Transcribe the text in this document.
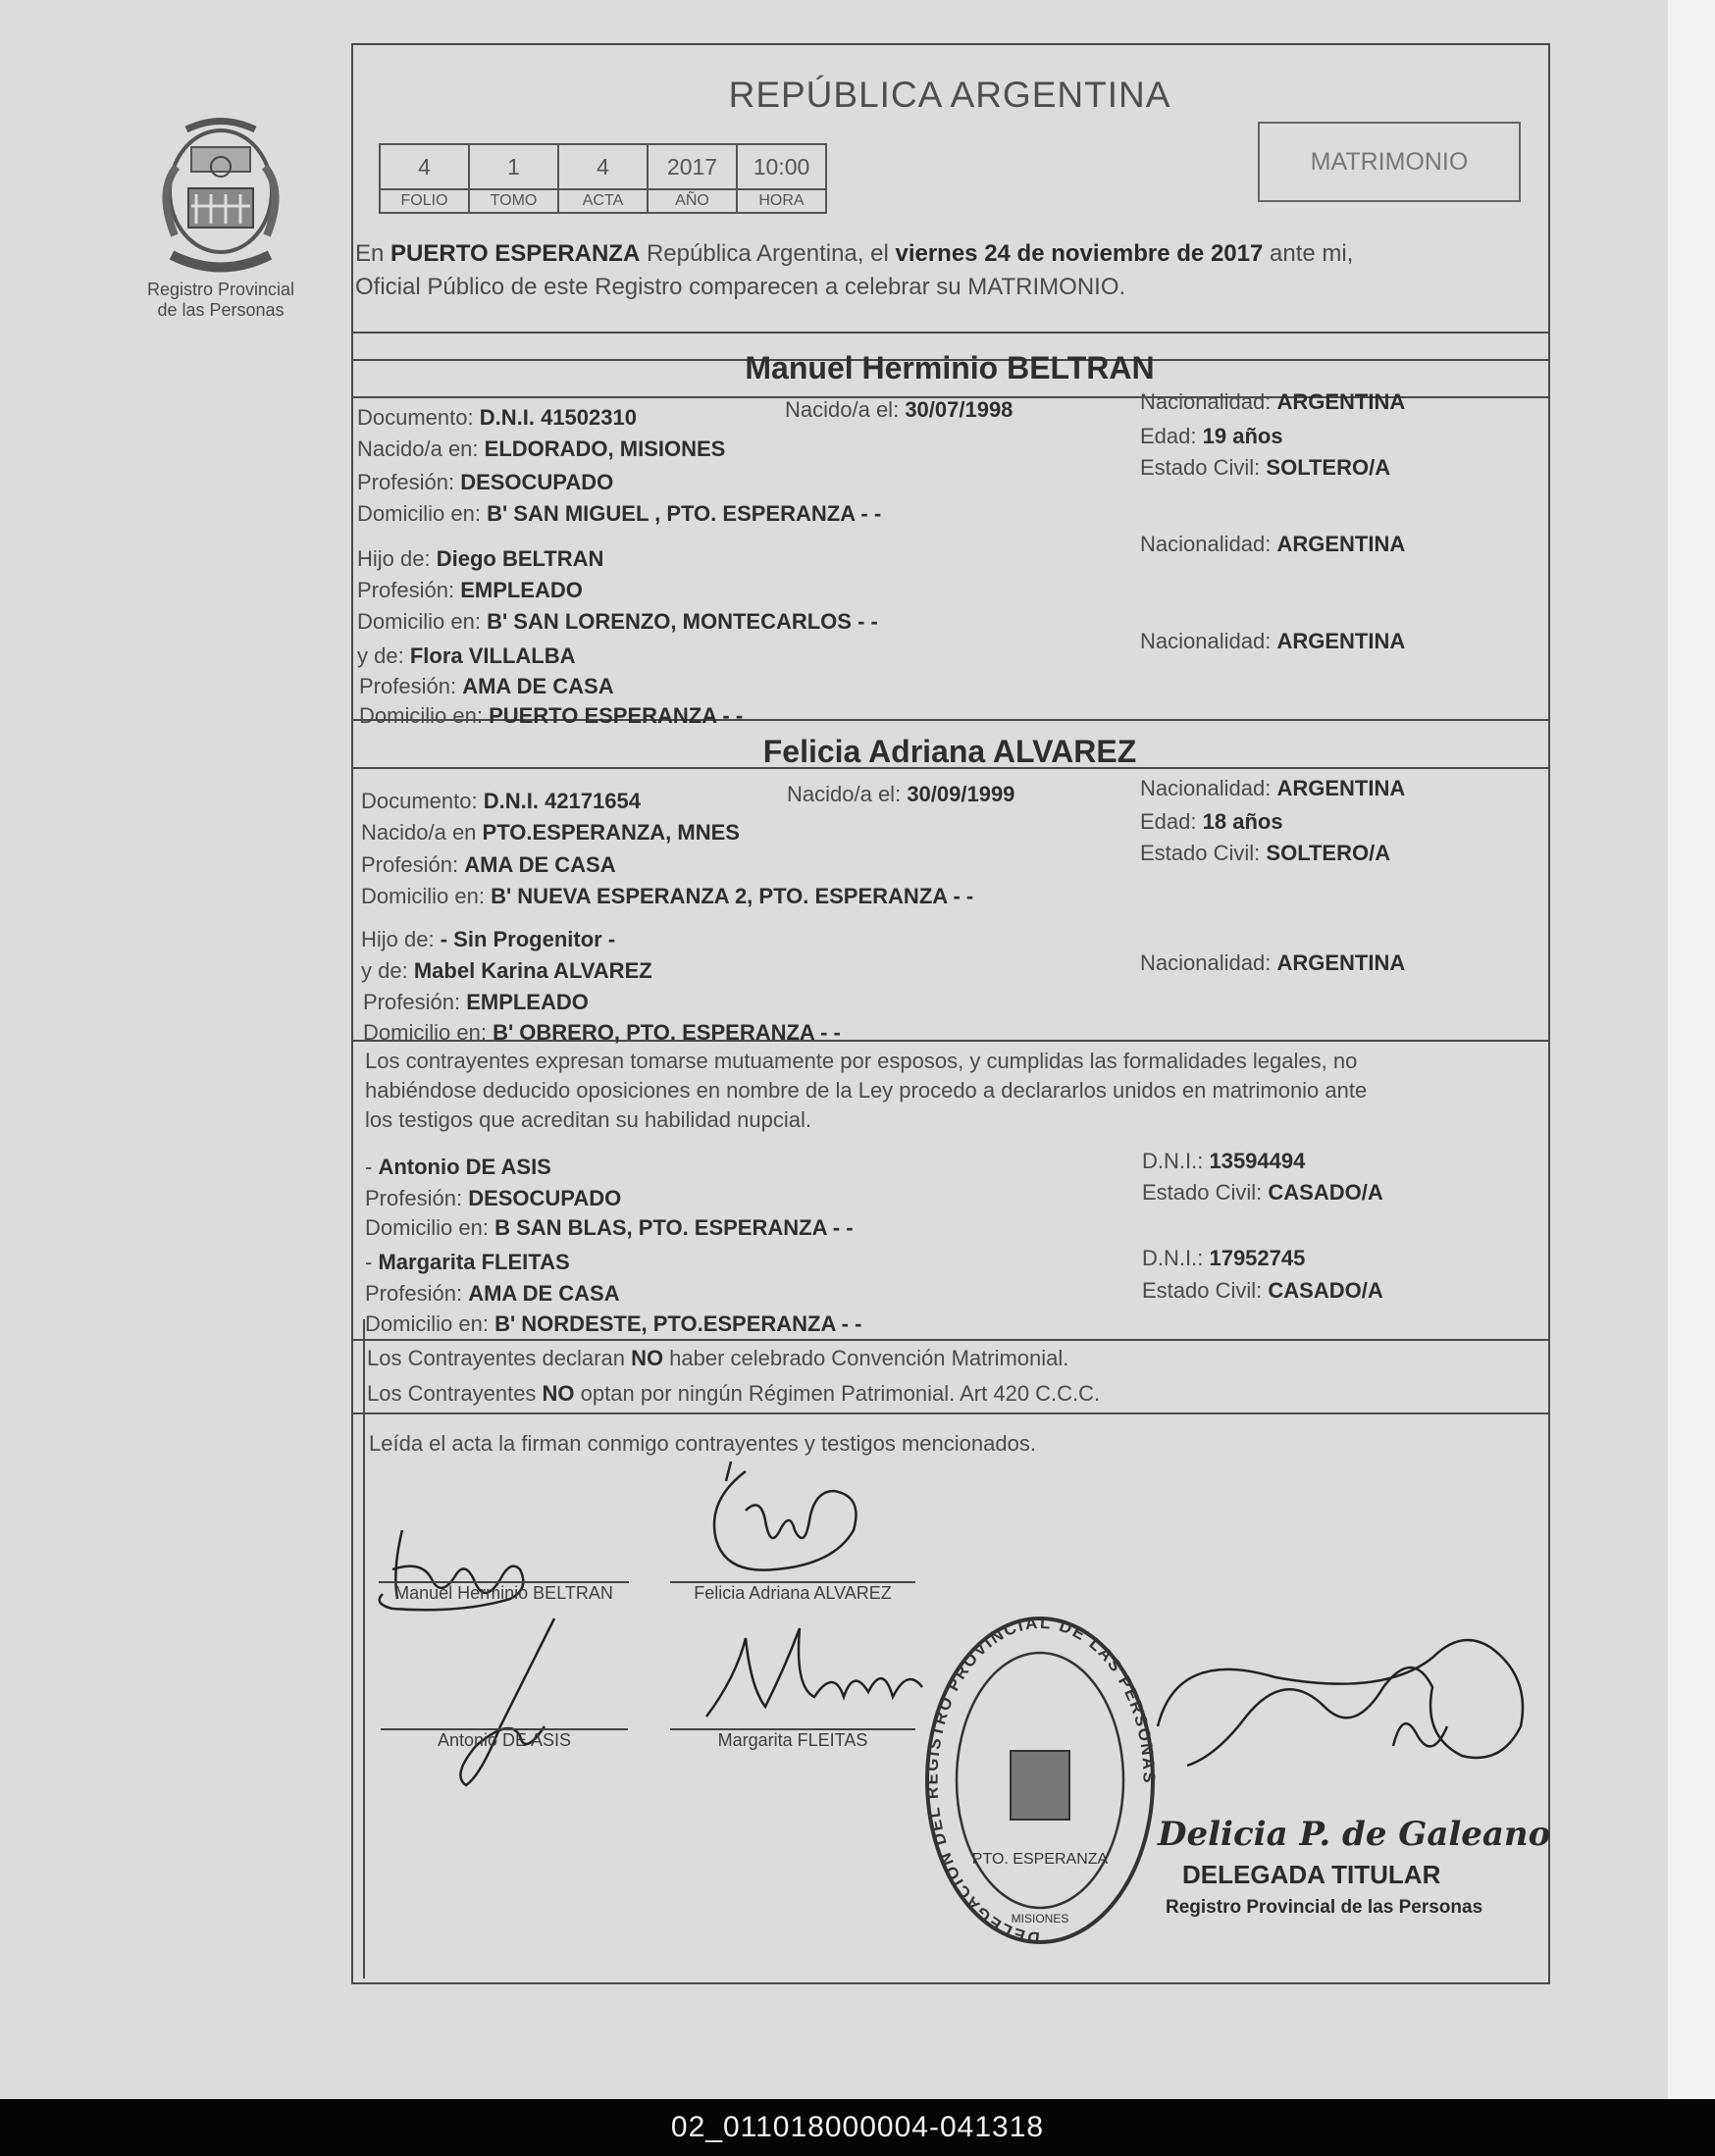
Registro Provincial
de las Personas
REPÚBLICA ARGENTINA
4	1	4	2017	10:00
FOLIO	TOMO	ACTA	AÑO	HORA
MATRIMONIO
En PUERTO ESPERANZA República Argentina, el viernes 24 de noviembre de 2017 ante mi,
Oficial Público de este Registro comparecen a celebrar su MATRIMONIO.
Manuel Herminio BELTRAN
Documento: D.N.I. 41502310	Nacido/a el: 30/07/1998	Nacionalidad: ARGENTINA
Nacido/a en: ELDORADO, MISIONES
Edad: 19 años
Profesión: DESOCUPADO
Estado Civil: SOLTERO/A
Domicilio en: B' SAN MIGUEL , PTO. ESPERANZA - -
Hijo de: Diego BELTRAN
Nacionalidad: ARGENTINA
Profesión: EMPLEADO
Domicilio en: B' SAN LORENZO, MONTECARLOS - -
y de: Flora VILLALBA
Nacionalidad: ARGENTINA
Profesión: AMA DE CASA
Domicilio en: PUERTO ESPERANZA - -
Felicia Adriana ALVAREZ
Documento: D.N.I. 42171654	Nacido/a el: 30/09/1999	Nacionalidad: ARGENTINA
Nacido/a en PTO.ESPERANZA, MNES	Edad: 18 años
Profesión: AMA DE CASA	Estado Civil: SOLTERO/A
Domicilio en: B' NUEVA ESPERANZA 2, PTO. ESPERANZA - -
Hijo de: - Sin Progenitor -
y de: Mabel Karina ALVAREZ	Nacionalidad: ARGENTINA
Profesión: EMPLEADO
Domicilio en: B' OBRERO, PTO. ESPERANZA - -
Los contrayentes expresan tomarse mutuamente por esposos, y cumplidas las formalidades legales, no
habiéndose deducido oposiciones en nombre de la Ley procedo a declararlos unidos en matrimonio ante
los testigos que acreditan su habilidad nupcial.
- Antonio DE ASIS	D.N.I.: 13594494
Profesión: DESOCUPADO	Estado Civil: CASADO/A
Domicilio en: B SAN BLAS, PTO. ESPERANZA - -
- Margarita FLEITAS	D.N.I.: 17952745
Profesión: AMA DE CASA	Estado Civil: CASADO/A
Domicilio en: B' NORDESTE, PTO.ESPERANZA - -
Los Contrayentes declaran NO haber celebrado Convención Matrimonial.
Los Contrayentes NO optan por ningún Régimen Patrimonial. Art 420 C.C.C.
Leída el acta la firman conmigo contrayentes y testigos mencionados.
Manuel Herminio BELTRAN	Felicia Adriana ALVAREZ
Antonio DE ASIS	Margarita FLEITAS
DELEGACION DEL REGISTRO PROVINCIAL DE LAS PERSONAS
PTO. ESPERANZA
MISIONES
Delicia P. de Galeano
DELEGADA TITULAR
Registro Provincial de las Personas
02_011018000004-041318
